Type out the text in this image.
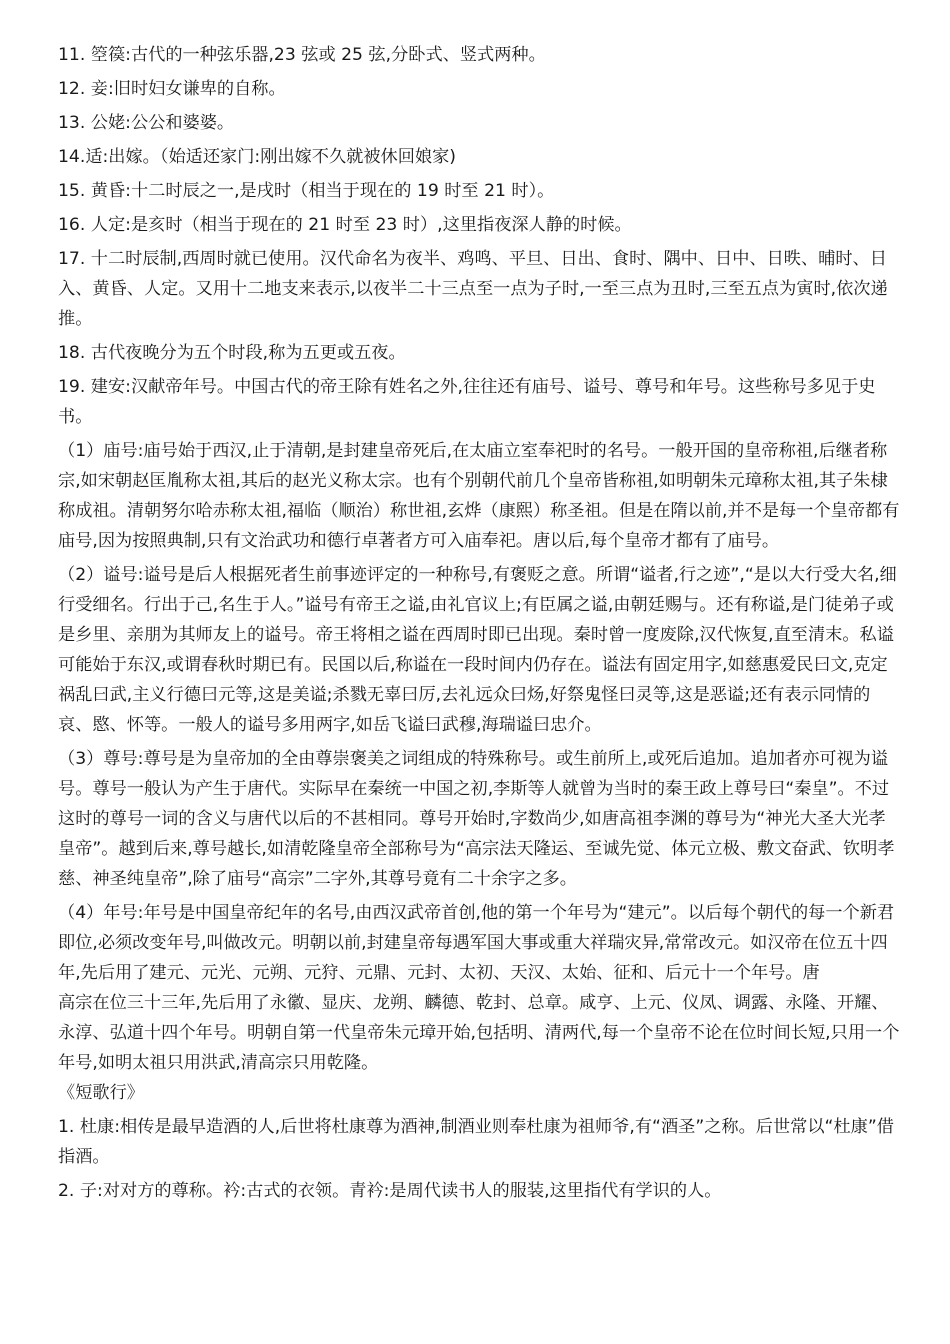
11. 箜篌:古代的一种弦乐器,23 弦或 25 弦,分卧式、竖式两种。

12. 妾:旧时妇女谦卑的自称。

13. 公姥:公公和婆婆。

14.适:出嫁。（始适还家门:刚出嫁不久就被休回娘家)

15. 黄昏:十二时辰之一,是戌时（相当于现在的 19 时至 21 时）。

16. 人定:是亥时（相当于现在的 21 时至 23 时）,这里指夜深人静的时候。

17. 十二时辰制,西周时就已使用。汉代命名为夜半、鸡鸣、平旦、日出、食时、隅中、日中、日昳、晡时、日入、黄昏、人定。又用十二地支来表示,以夜半二十三点至一点为子时,一至三点为丑时,三至五点为寅时,依次递推。

18. 古代夜晚分为五个时段,称为五更或五夜。

19. 建安:汉献帝年号。中国古代的帝王除有姓名之外,往往还有庙号、谥号、尊号和年号。这些称号多见于史书。

（1）庙号:庙号始于西汉,止于清朝,是封建皇帝死后,在太庙立室奉祀时的名号。一般开国的皇帝称祖,后继者称宗,如宋朝赵匡胤称太祖,其后的赵光义称太宗。也有个别朝代前几个皇帝皆称祖,如明朝朱元璋称太祖,其子朱棣称成祖。清朝努尔哈赤称太祖,福临（顺治）称世祖,玄烨（康熙）称圣祖。但是在隋以前,并不是每一个皇帝都有庙号,因为按照典制,只有文治武功和德行卓著者方可入庙奉祀。唐以后,每个皇帝才都有了庙号。

（2）谥号:谥号是后人根据死者生前事迹评定的一种称号,有褒贬之意。所谓“谥者,行之迹”,“是以大行受大名,细行受细名。行出于己,名生于人。”谥号有帝王之谥,由礼官议上;有臣属之谥,由朝廷赐与。还有称谥,是门徒弟子或是乡里、亲朋为其师友上的谥号。帝王将相之谥在西周时即已出现。秦时曾一度废除,汉代恢复,直至清末。私谥可能始于东汉,或谓春秋时期已有。民国以后,称谥在一段时间内仍存在。谥法有固定用字,如慈惠爱民曰文,克定祸乱曰武,主义行德曰元等,这是美谥;杀戮无辜曰厉,去礼远众曰炀,好祭鬼怪曰灵等,这是恶谥;还有表示同情的哀、愍、怀等。一般人的谥号多用两字,如岳飞谥曰武穆,海瑞谥曰忠介。

（3）尊号:尊号是为皇帝加的全由尊崇褒美之词组成的特殊称号。或生前所上,或死后追加。追加者亦可视为谥号。尊号一般认为产生于唐代。实际早在秦统一中国之初,李斯等人就曾为当时的秦王政上尊号曰“秦皇”。不过这时的尊号一词的含义与唐代以后的不甚相同。尊号开始时,字数尚少,如唐高祖李渊的尊号为“神光大圣大光孝皇帝”。越到后来,尊号越长,如清乾隆皇帝全部称号为“高宗法天隆运、至诚先觉、体元立极、敷文奋武、钦明孝慈、神圣纯皇帝”,除了庙号“高宗”二字外,其尊号竟有二十余字之多。

（4）年号:年号是中国皇帝纪年的名号,由西汉武帝首创,他的第一个年号为“建元”。以后每个朝代的每一个新君即位,必须改变年号,叫做改元。明朝以前,封建皇帝每遇军国大事或重大祥瑞灾异,常常改元。如汉帝在位五十四年,先后用了建元、元光、元朔、元狩、元鼎、元封、太初、天汉、太始、征和、后元十一个年号。唐

高宗在位三十三年,先后用了永徽、显庆、龙朔、麟德、乾封、总章。咸亨、上元、仪凤、调露、永隆、开耀、永淳、弘道十四个年号。明朝自第一代皇帝朱元璋开始,包括明、清两代,每一个皇帝不论在位时间长短,只用一个年号,如明太祖只用洪武,清高宗只用乾隆。

《短歌行》

1. 杜康:相传是最早造酒的人,后世将杜康尊为酒神,制酒业则奉杜康为祖师爷,有“酒圣”之称。后世常以“杜康”借指酒。

2. 子:对对方的尊称。衿:古式的衣领。青衿:是周代读书人的服装,这里指代有学识的人。
